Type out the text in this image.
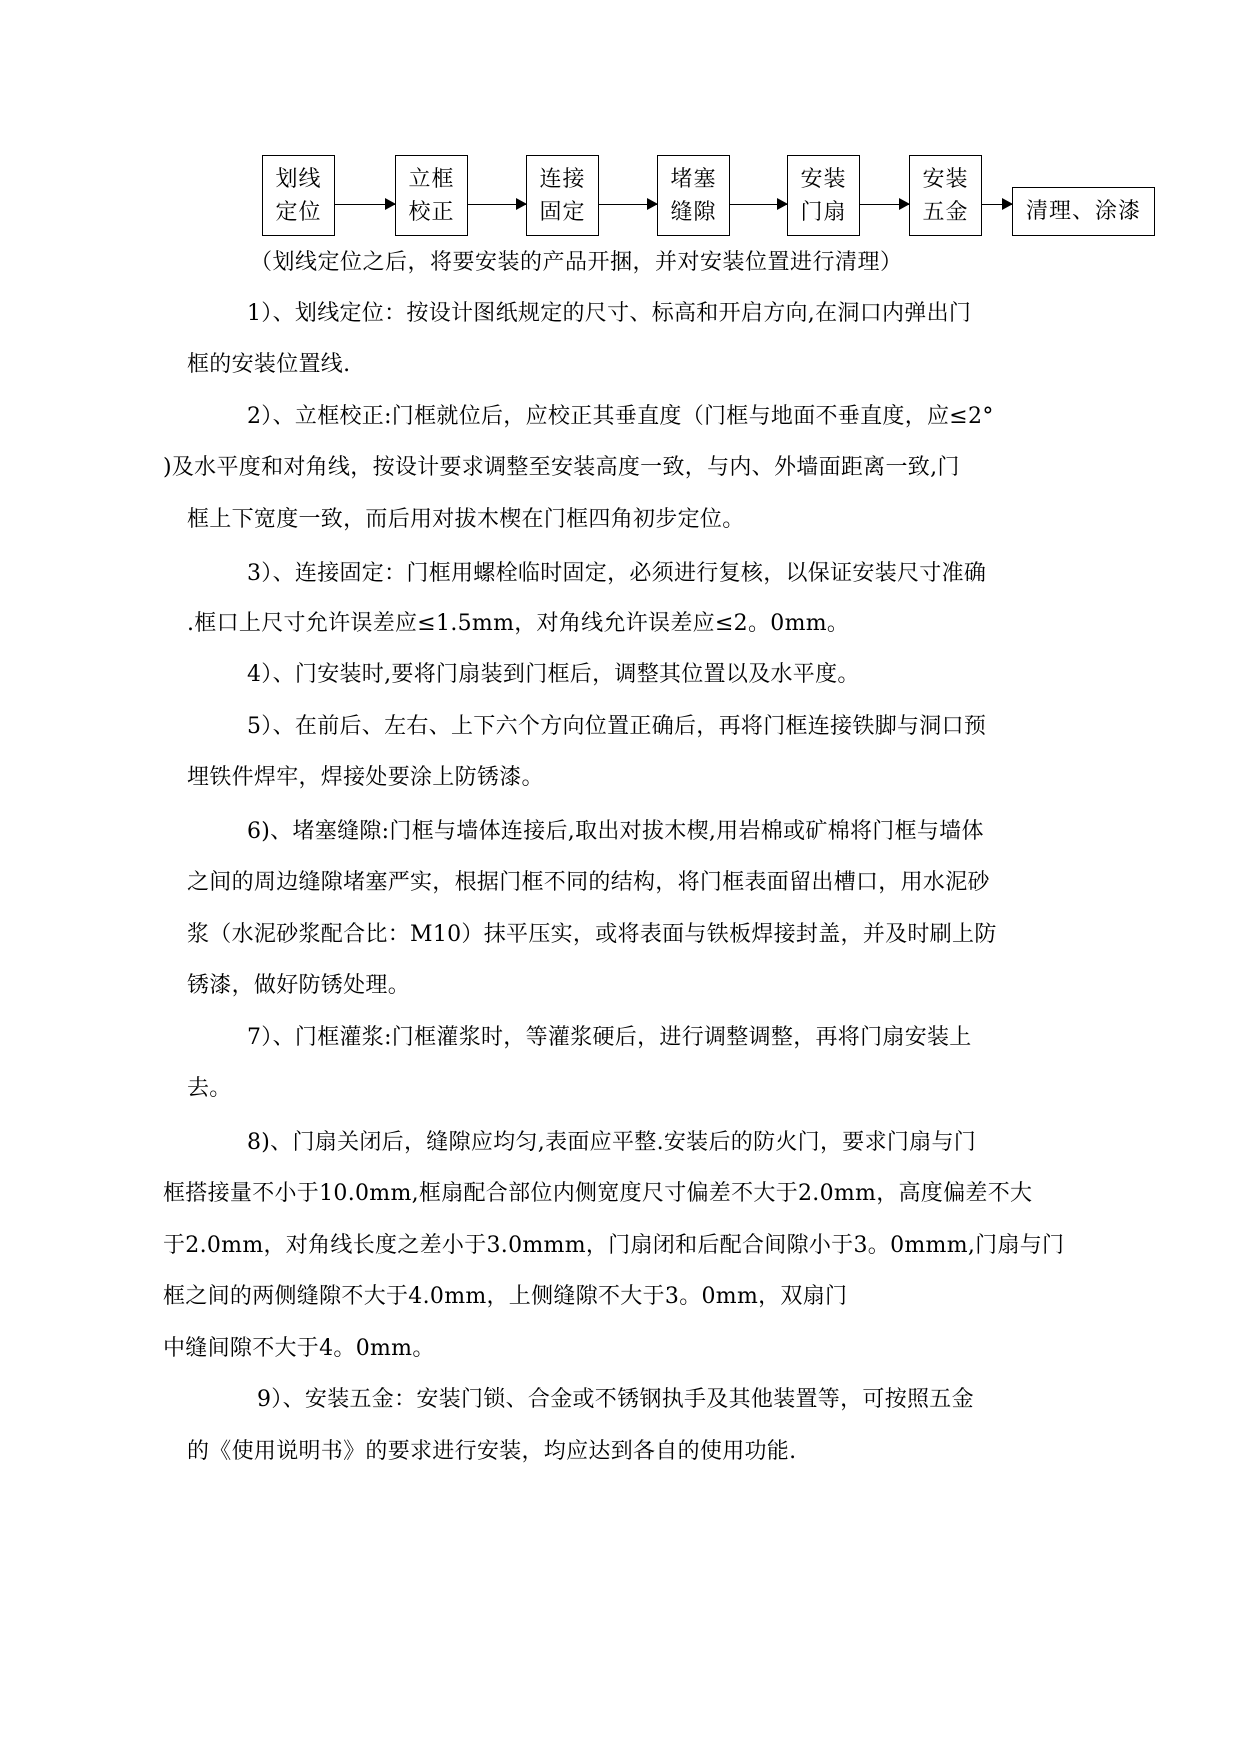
划线
定位
立框
校正
连接
固定
堵塞
缝隙
安装
门扇
安装
五金	清理、涂漆
（划线定位之后，将要安装的产品开捆，并对安装位置进行清理）
1）、划线定位：按设计图纸规定的尺寸、标高和开启方向,在洞口内弹出门
框的安装位置线.
2）、立框校正:门框就位后，应校正其垂直度（门框与地面不垂直度，应≤2°
)及水平度和对角线，按设计要求调整至安装高度一致，与内、外墙面距离一致,门
框上下宽度一致，而后用对拔木楔在门框四角初步定位。
3）、连接固定：门框用螺栓临时固定，必须进行复核，以保证安装尺寸准确
.框口上尺寸允许误差应≤1.5mm，对角线允许误差应≤2。0mm。
4）、门安装时,要将门扇装到门框后，调整其位置以及水平度。
5）、在前后、左右、上下六个方向位置正确后，再将门框连接铁脚与洞口预
埋铁件焊牢，焊接处要涂上防锈漆。
6)、堵塞缝隙:门框与墙体连接后,取出对拔木楔,用岩棉或矿棉将门框与墙体
之间的周边缝隙堵塞严实，根据门框不同的结构，将门框表面留出槽口，用水泥砂
浆（水泥砂浆配合比：M10）抹平压实，或将表面与铁板焊接封盖，并及时刷上防
锈漆，做好防锈处理。
7）、门框灌浆:门框灌浆时，等灌浆硬后，进行调整调整，再将门扇安装上
去。
8)、门扇关闭后，缝隙应均匀,表面应平整.安装后的防火门，要求门扇与门
框搭接量不小于10.0mm,框扇配合部位内侧宽度尺寸偏差不大于2.0mm，高度偏差不大
于2.0mm，对角线长度之差小于3.0mmm，门扇闭和后配合间隙小于3。0mmm,门扇与门
框之间的两侧缝隙不大于4.0mm，上侧缝隙不大于3。0mm，双扇门
中缝间隙不大于4。0mm。
9）、安装五金：安装门锁、合金或不锈钢执手及其他装置等，可按照五金
的《使用说明书》的要求进行安装，均应达到各自的使用功能.
